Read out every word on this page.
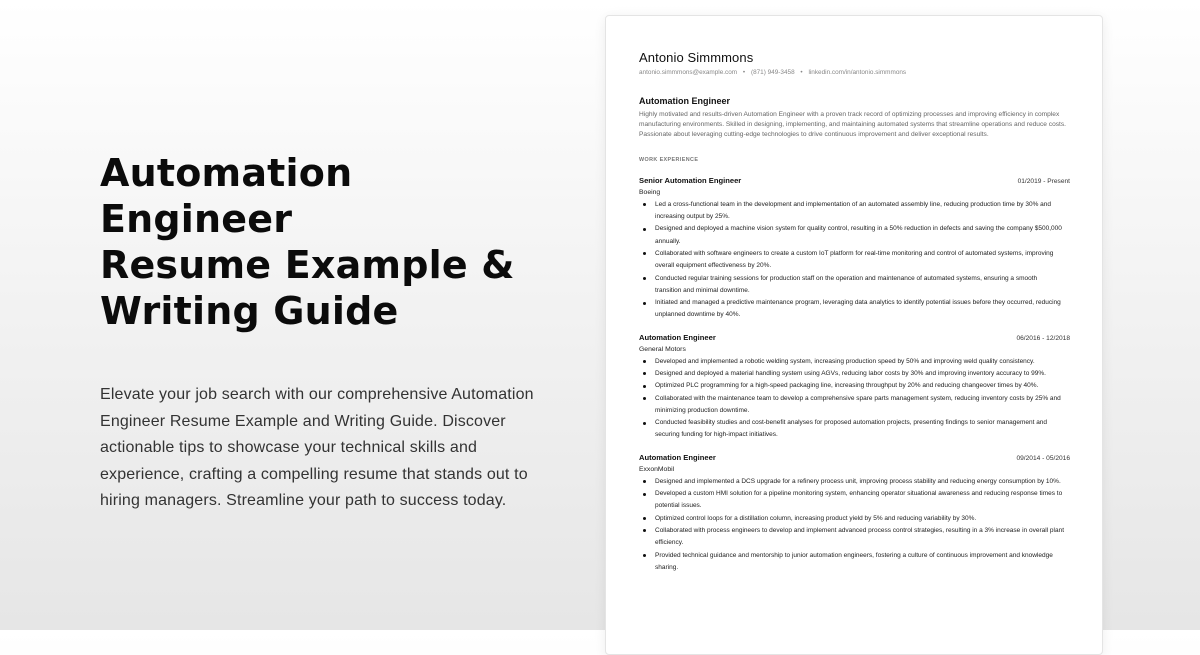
Automation Engineer
Resume Example &
Writing Guide

Elevate your job search with our comprehensive Automation Engineer Resume Example and Writing Guide. Discover actionable tips to showcase your technical skills and experience, crafting a compelling resume that stands out to hiring managers. Streamline your path to success today.

Antonio Simmmons
antonio.simmmons@example.com • (871) 949-3458 • linkedin.com/in/antonio.simmmons
Automation Engineer
Highly motivated and results-driven Automation Engineer with a proven track record of optimizing processes and improving efficiency in complex manufacturing environments. Skilled in designing, implementing, and maintaining automated systems that streamline operations and reduce costs. Passionate about leveraging cutting-edge technologies to drive continuous improvement and deliver exceptional results.
WORK EXPERIENCE
Senior Automation Engineer	01/2019 - Present
Boeing
Led a cross-functional team in the development and implementation of an automated assembly line, reducing production time by 30% and increasing output by 25%.
Designed and deployed a machine vision system for quality control, resulting in a 50% reduction in defects and saving the company $500,000 annually.
Collaborated with software engineers to create a custom IoT platform for real-time monitoring and control of automated systems, improving overall equipment effectiveness by 20%.
Conducted regular training sessions for production staff on the operation and maintenance of automated systems, ensuring a smooth transition and minimal downtime.
Initiated and managed a predictive maintenance program, leveraging data analytics to identify potential issues before they occurred, reducing unplanned downtime by 40%.
Automation Engineer	06/2016 - 12/2018
General Motors
Developed and implemented a robotic welding system, increasing production speed by 50% and improving weld quality consistency.
Designed and deployed a material handling system using AGVs, reducing labor costs by 30% and improving inventory accuracy to 99%.
Optimized PLC programming for a high-speed packaging line, increasing throughput by 20% and reducing changeover times by 40%.
Collaborated with the maintenance team to develop a comprehensive spare parts management system, reducing inventory costs by 25% and minimizing production downtime.
Conducted feasibility studies and cost-benefit analyses for proposed automation projects, presenting findings to senior management and securing funding for high-impact initiatives.
Automation Engineer	09/2014 - 05/2016
ExxonMobil
Designed and implemented a DCS upgrade for a refinery process unit, improving process stability and reducing energy consumption by 10%.
Developed a custom HMI solution for a pipeline monitoring system, enhancing operator situational awareness and reducing response times to potential issues.
Optimized control loops for a distillation column, increasing product yield by 5% and reducing variability by 30%.
Collaborated with process engineers to develop and implement advanced process control strategies, resulting in a 3% increase in overall plant efficiency.
Provided technical guidance and mentorship to junior automation engineers, fostering a culture of continuous improvement and knowledge sharing.
